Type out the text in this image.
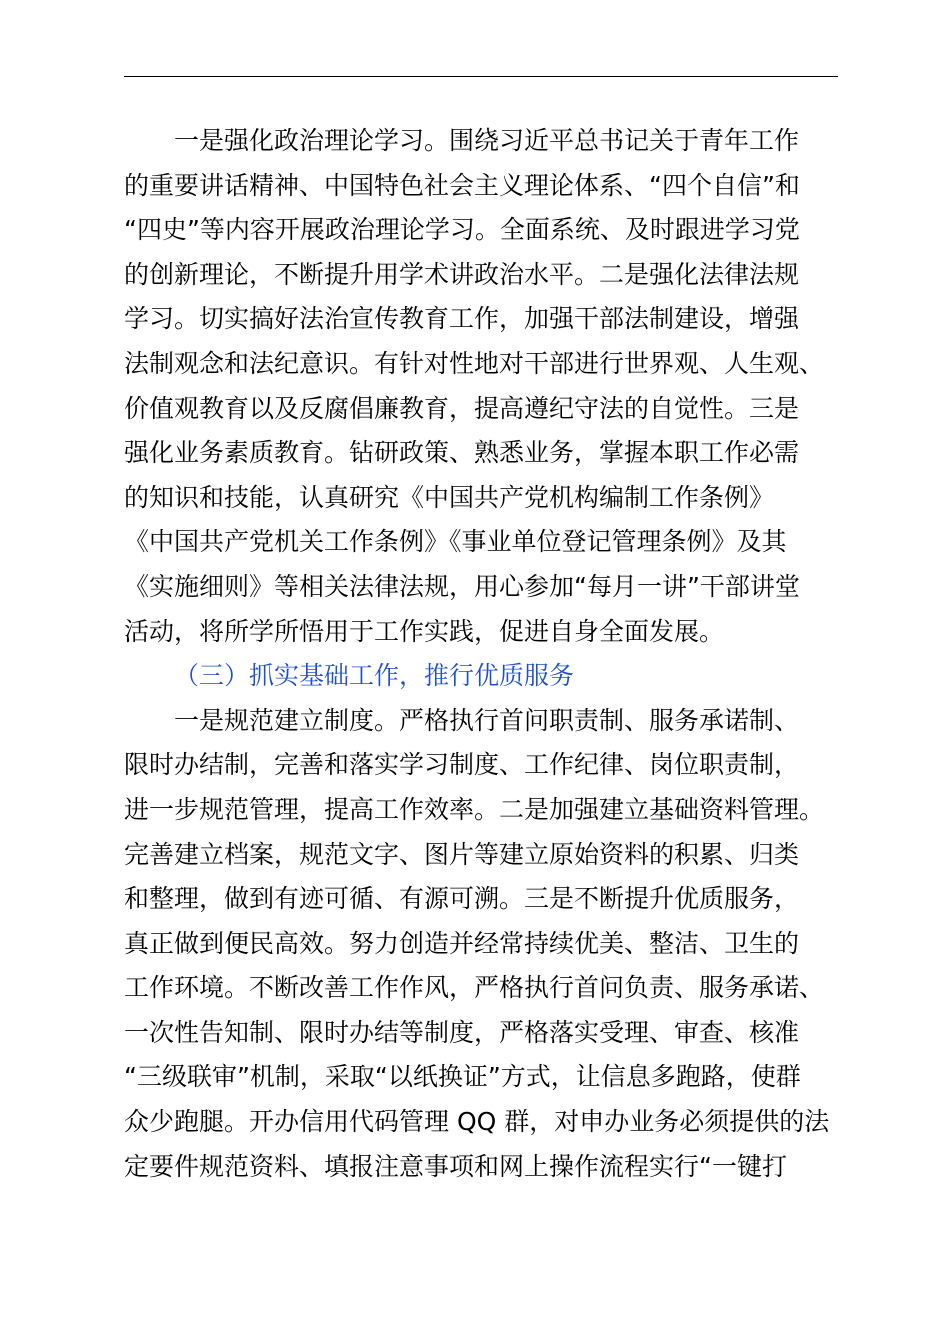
一是强化政治理论学习。围绕习近平总书记关于青年工作
的重要讲话精神、中国特色社会主义理论体系、“四个自信”和
“四史”等内容开展政治理论学习。全面系统、及时跟进学习党
的创新理论，不断提升用学术讲政治水平。二是强化法律法规
学习。切实搞好法治宣传教育工作，加强干部法制建设，增强
法制观念和法纪意识。有针对性地对干部进行世界观、人生观、
价值观教育以及反腐倡廉教育，提高遵纪守法的自觉性。三是
强化业务素质教育。钻研政策、熟悉业务，掌握本职工作必需
的知识和技能，认真研究《中国共产党机构编制工作条例》
《中国共产党机关工作条例》《事业单位登记管理条例》及其
《实施细则》等相关法律法规，用心参加“每月一讲”干部讲堂
活动，将所学所悟用于工作实践，促进自身全面发展。
（三）抓实基础工作，推行优质服务
一是规范建立制度。严格执行首问职责制、服务承诺制、
限时办结制，完善和落实学习制度、工作纪律、岗位职责制，
进一步规范管理，提高工作效率。二是加强建立基础资料管理。
完善建立档案，规范文字、图片等建立原始资料的积累、归类
和整理，做到有迹可循、有源可溯。三是不断提升优质服务，
真正做到便民高效。努力创造并经常持续优美、整洁、卫生的
工作环境。不断改善工作作风，严格执行首问负责、服务承诺、
一次性告知制、限时办结等制度，严格落实受理、审查、核准
“三级联审”机制，采取“以纸换证”方式，让信息多跑路，使群
众少跑腿。开办信用代码管理 QQ 群，对申办业务必须提供的法
定要件规范资料、填报注意事项和网上操作流程实行“一键打
